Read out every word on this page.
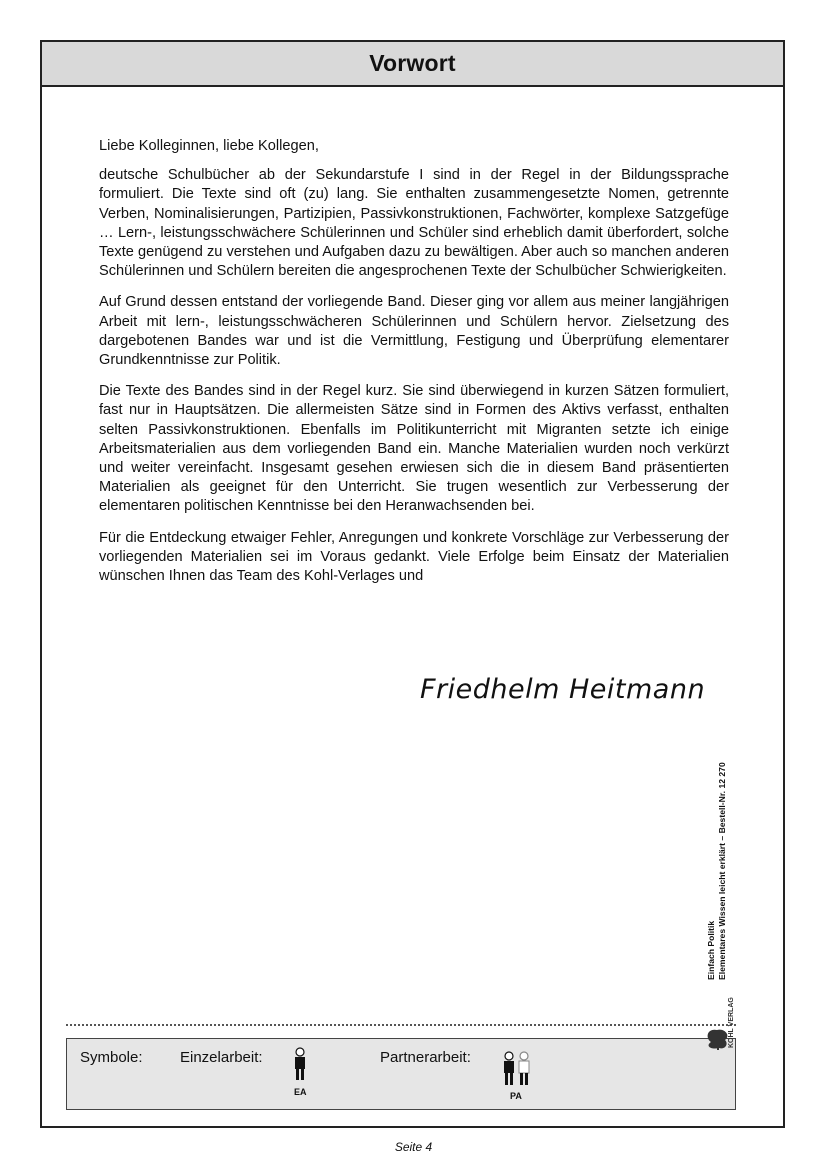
Vorwort

Liebe Kolleginnen, liebe Kollegen,

deutsche Schulbücher ab der Sekundarstufe I sind in der Regel in der Bildungssprache formuliert. Die Texte sind oft (zu) lang. Sie enthalten zusammengesetzte Nomen, getrennte Verben, Nominalisierungen, Partizipien, Passivkonstruktionen, Fachwörter, komplexe Satzgefüge … Lern-, leistungsschwächere Schülerinnen und Schüler sind erheblich damit überfordert, solche Texte genügend zu verstehen und Aufgaben dazu zu bewältigen. Aber auch so manchen anderen Schülerinnen und Schülern bereiten die angesprochenen Texte der Schulbücher Schwierigkeiten.

Auf Grund dessen entstand der vorliegende Band. Dieser ging vor allem aus meiner langjährigen Arbeit mit lern-, leistungsschwächeren Schülerinnen und Schülern hervor. Zielsetzung des dargebotenen Bandes war und ist die Vermittlung, Festigung und Überprüfung elementarer Grundkenntnisse zur Politik.

Die Texte des Bandes sind in der Regel kurz. Sie sind überwiegend in kurzen Sätzen formuliert, fast nur in Hauptsätzen. Die allermeisten Sätze sind in Formen des Aktivs verfasst, enthalten selten Passivkonstruktionen. Ebenfalls im Politikunterricht mit Migranten setzte ich einige Arbeitsmaterialien aus dem vorliegenden Band ein. Manche Materialien wurden noch verkürzt und weiter vereinfacht. Insgesamt gesehen erwiesen sich die in diesem Band präsentierten Materialien als geeignet für den Unterricht. Sie trugen wesentlich zur Verbesserung der elementaren politischen Kenntnisse bei den Heranwachsenden bei.

Für die Entdeckung etwaiger Fehler, Anregungen und konkrete Vorschläge zur Verbesserung der vorliegenden Materialien sei im Voraus gedankt. Viele Erfolge beim Einsatz der Materialien wünschen Ihnen das Team des Kohl-Verlages und

Friedhelm Heitmann
Symbole: Einzelarbeit:
EA
Partnerarbeit:
PA
Einfach Politik Elementares Wissen leicht erklärt – Bestell-Nr. 12 270
KOHL VERLAG
Seite 4
